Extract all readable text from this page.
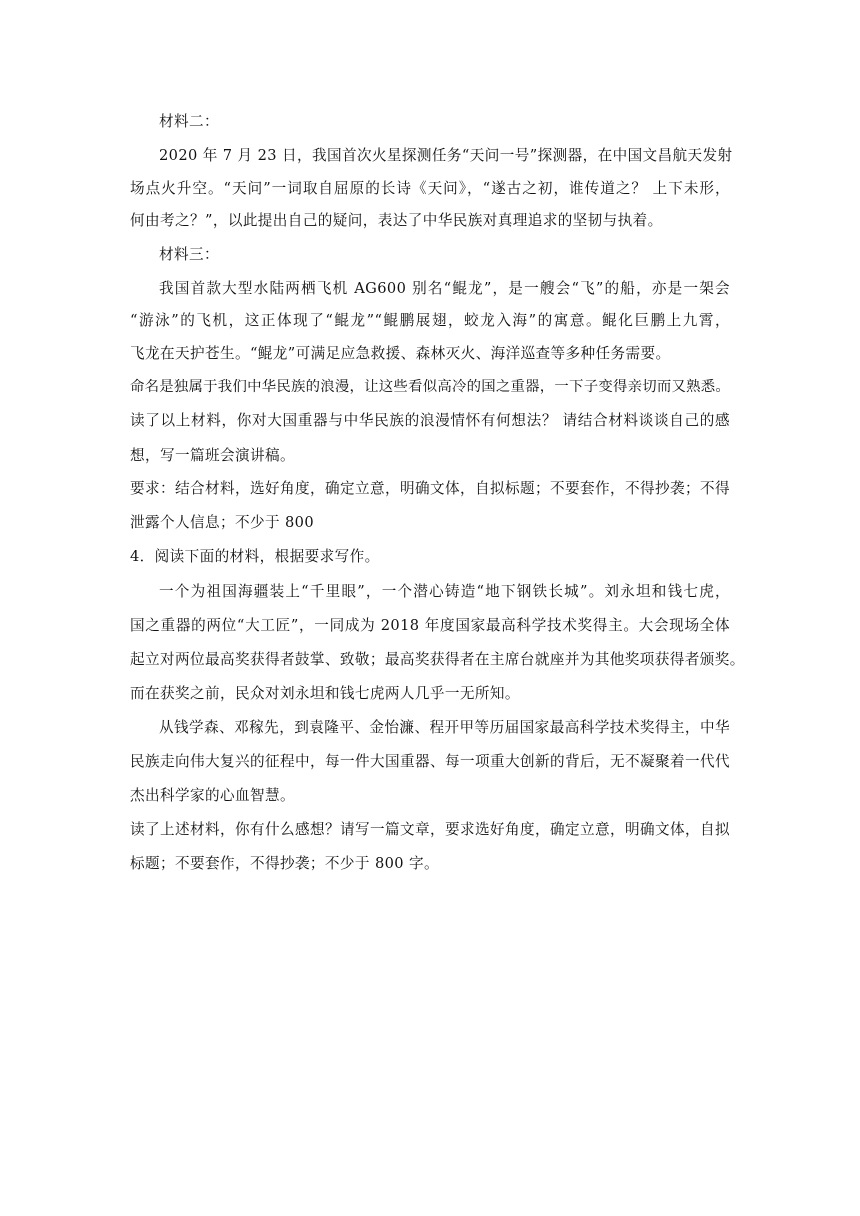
材料二：
2020 年 7 月 23 日，我国首次火星探测任务“天问一号”探测器，在中国文昌航天发射
场点火升空。“天问”一词取自屈原的长诗《天问》，“遂古之初，谁传道之？ 上下未形，
何由考之？”，以此提出自己的疑问，表达了中华民族对真理追求的坚韧与执着。
材料三：
我国首款大型水陆两栖飞机 AG600 别名“鲲龙”，是一艘会“飞”的船，亦是一架会
“游泳”的飞机，这正体现了“鲲龙”“鲲鹏展翅，蛟龙入海”的寓意。鲲化巨鹏上九霄，
飞龙在天护苍生。“鲲龙”可满足应急救援、森林灭火、海洋巡查等多种任务需要。
命名是独属于我们中华民族的浪漫，让这些看似高冷的国之重器，一下子变得亲切而又熟悉。
读了以上材料，你对大国重器与中华民族的浪漫情怀有何想法？ 请结合材料谈谈自己的感
想，写一篇班会演讲稿。
要求：结合材料，选好角度，确定立意，明确文体，自拟标题；不要套作，不得抄袭；不得
泄露个人信息；不少于 800
4．阅读下面的材料，根据要求写作。
一个为祖国海疆装上“千里眼”，一个潜心铸造“地下钢铁长城”。刘永坦和钱七虎，
国之重器的两位“大工匠”，一同成为 2018 年度国家最高科学技术奖得主。大会现场全体
起立对两位最高奖获得者鼓掌、致敬；最高奖获得者在主席台就座并为其他奖项获得者颁奖。
而在获奖之前，民众对刘永坦和钱七虎两人几乎一无所知。
从钱学森、邓稼先，到袁隆平、金怡濂、程开甲等历届国家最高科学技术奖得主，中华
民族走向伟大复兴的征程中，每一件大国重器、每一项重大创新的背后，无不凝聚着一代代
杰出科学家的心血智慧。
读了上述材料，你有什么感想？请写一篇文章，要求选好角度，确定立意，明确文体，自拟
标题；不要套作，不得抄袭；不少于 800 字。
